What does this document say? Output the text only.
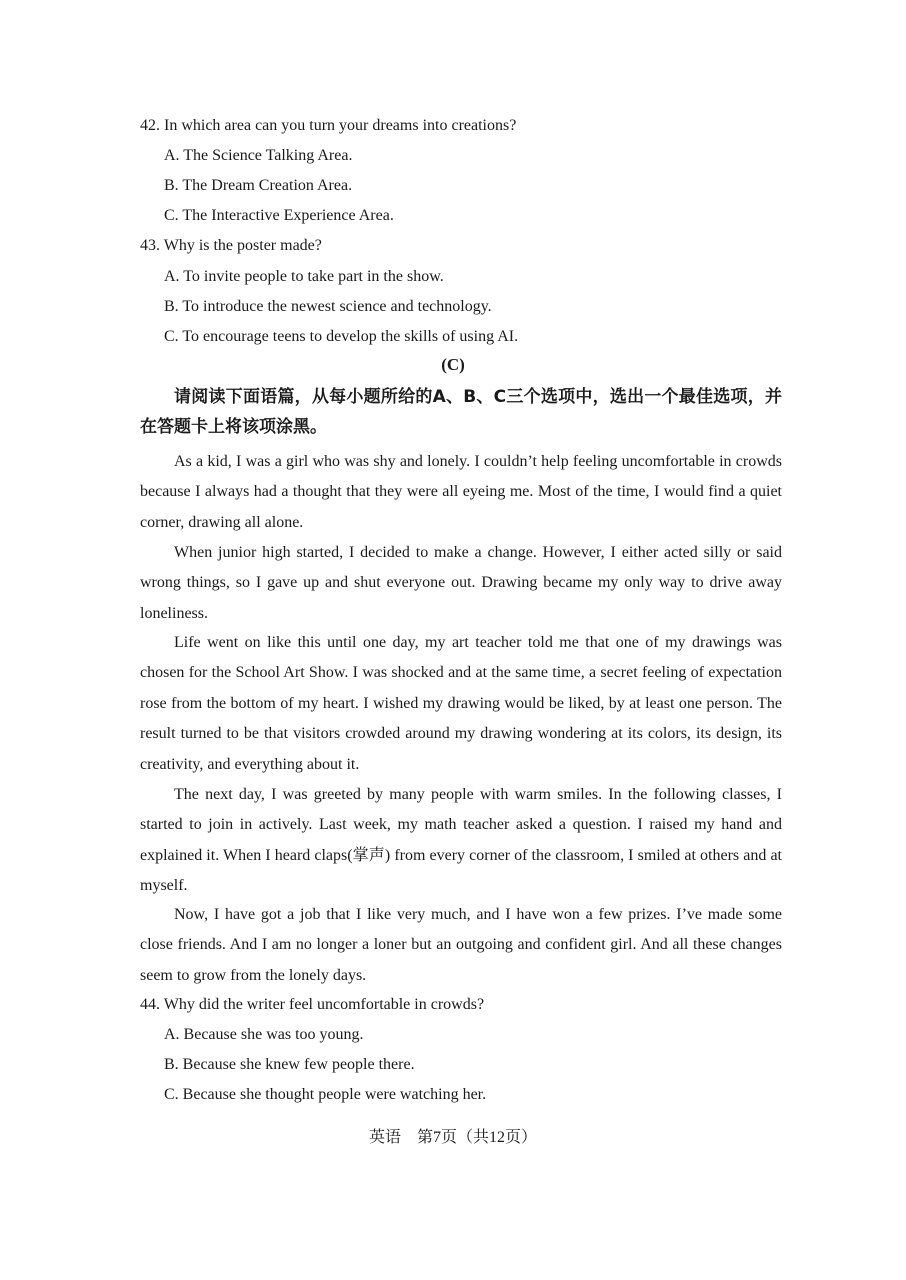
42. In which area can you turn your dreams into creations?
A. The Science Talking Area.
B. The Dream Creation Area.
C. The Interactive Experience Area.
43. Why is the poster made?
A. To invite people to take part in the show.
B. To introduce the newest science and technology.
C. To encourage teens to develop the skills of using AI.
(C)
请阅读下面语篇，从每小题所给的A、B、C三个选项中，选出一个最佳选项，并在答题卡上将该项涂黑。
As a kid, I was a girl who was shy and lonely. I couldn’t help feeling uncomfortable in crowds because I always had a thought that they were all eyeing me. Most of the time, I would find a quiet corner, drawing all alone.
When junior high started, I decided to make a change. However, I either acted silly or said wrong things, so I gave up and shut everyone out. Drawing became my only way to drive away loneliness.
Life went on like this until one day, my art teacher told me that one of my drawings was chosen for the School Art Show. I was shocked and at the same time, a secret feeling of expectation rose from the bottom of my heart. I wished my drawing would be liked, by at least one person. The result turned to be that visitors crowded around my drawing wondering at its colors, its design, its creativity, and everything about it.
The next day, I was greeted by many people with warm smiles. In the following classes, I started to join in actively. Last week, my math teacher asked a question. I raised my hand and explained it. When I heard claps(掌声) from every corner of the classroom, I smiled at others and at myself.
Now, I have got a job that I like very much, and I have won a few prizes. I’ve made some close friends. And I am no longer a loner but an outgoing and confident girl. And all these changes seem to grow from the lonely days.
44. Why did the writer feel uncomfortable in crowds?
A. Because she was too young.
B. Because she knew few people there.
C. Because she thought people were watching her.
英语　第7页（共12页）
